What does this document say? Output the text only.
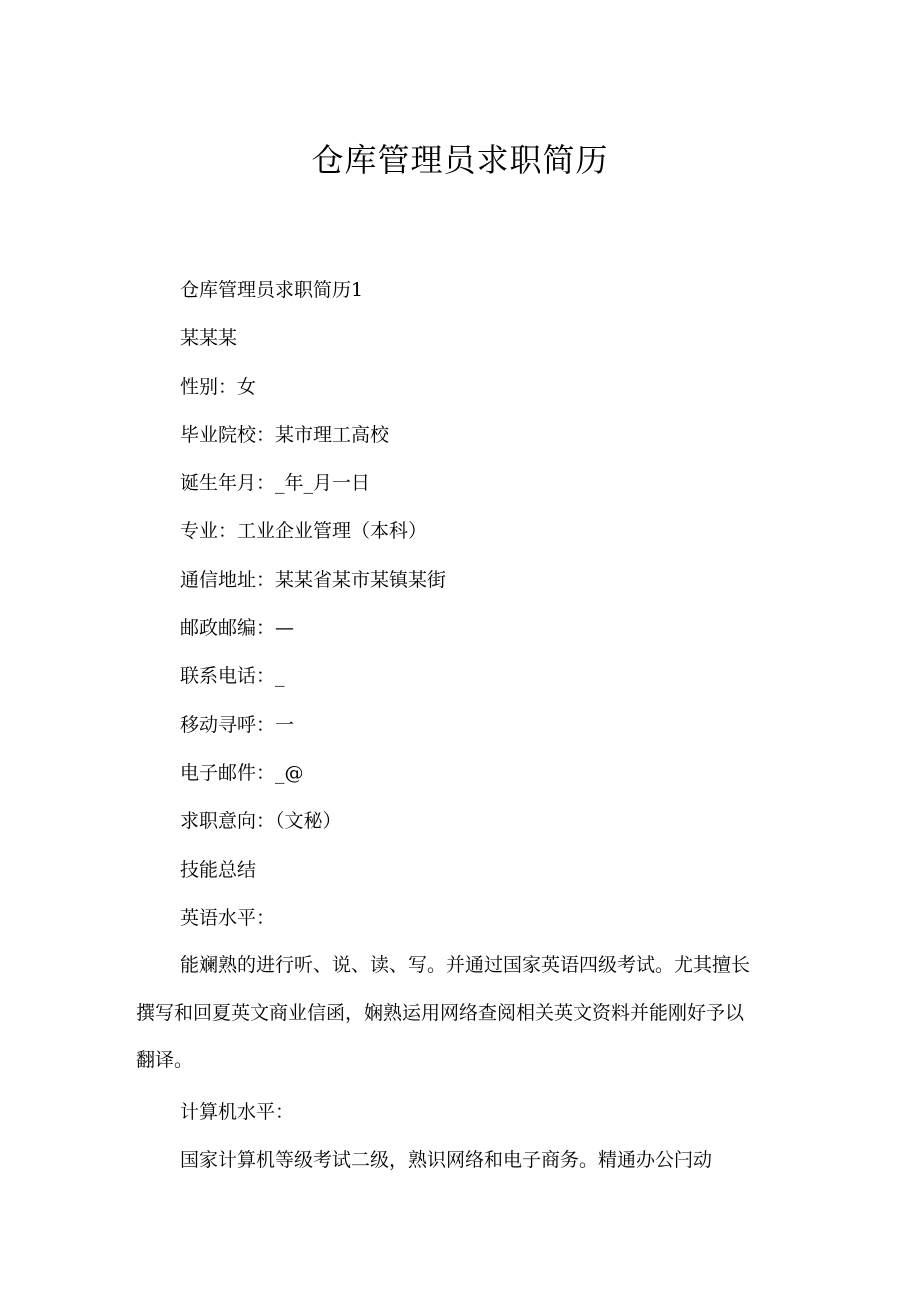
仓库管理员求职简历

仓库管理员求职简历1

某某某

性别：女

毕业院校：某市理工高校

诞生年月：_年_月一日

专业：工业企业管理（本科）

通信地址：某某省某市某镇某街

邮政邮编：—

联系电话：_

移动寻呼：一

电子邮件：_@

求职意向：（文秘）

技能总结

英语水平：

能斓熟的进行听、说、读、写。并通过国家英语四级考试。尤其擅长

撰写和回夏英文商业信函，娴熟运用网络查阅相关英文资料并能刚好予以

翻译。

计算机水平：

国家计算机等级考试二级，熟识网络和电子商务。精通办公闩动
